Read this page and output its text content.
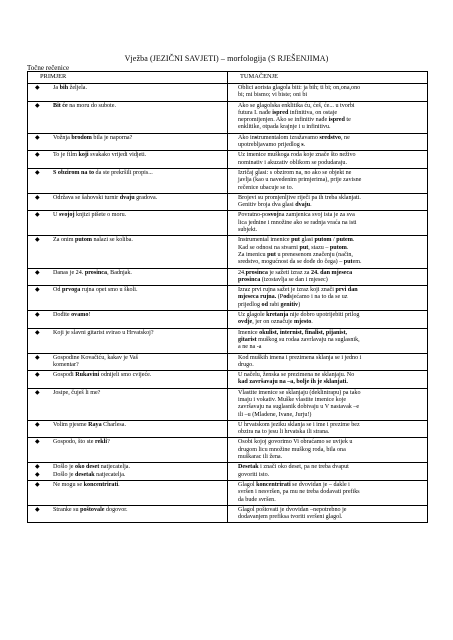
Vježba (JEZIČNI SAVJETI) – morfologija (S RJEŠENJIMA)
Točne rečenice
PRIMJER	TUMAČENJE

◆ Ja bih željela.	Oblici aorista glagola biti: ja bih; ti bi; on,ona,ono
bi; mi bismo; vi biste; oni bi

◆ Bit će na moru do subote.	Ako se glagolska enklitika ću, ćeš, će... u tvorbi
futura I. nađe ispred infinitiva, on ostaje
nepromijenjen. Ako se infinitiv nađe ispred te
enklitike, otpada krajnje i u infinitivu.

◆ Vožnja brodom bila je naporna?	Ako instrumentalom izražavamo sredstvo, ne
upotrebljavamo prijedlog s.

◆ To je film koji svakako vrijedi vidjeti.	Uz imenice muškoga roda koje znače što neživo
nominativ i akuzativ oblikom se podudaraju.

◆ S obzirom na to da ste prekršili propis...	Izričaj glasi: s obzirom na, no ako se objekt ne
javlja (kao u navedenim primjerima), prije zavisne
rečenice ubacuje se to.

◆ Održava se šahovski turnir dvaju gradova.	Brojevi su promjenljive riječi pa ih treba sklanjati.
Genitiv broja dva glasi dvaju.

◆ U svojoj knjizi pišete o moru.	Povratno-posvojna zamjenica svoj ista je za sva
lica jednine i množine ako se radnja vraća na isti
subjekt.

◆ Za onim putom nalazi se koliba.	Instrumental imenice put glasi putom / putem.
Kad se odnosi na stvarni put, stazu – putom.
Za imenicu put u prenesenom značenju (način,
sredstvo, mogućnost da se dođe do čega) – putem.

◆ Danas je 24. prosinca, Badnjak.	24.prosinca je sažeti izraz za 24. dan mjeseca
prosinca (izostavlja se dan i mjesec)

◆ Od prvoga rujna opet smo u školi.	Izraz prvi rujna sažet je izraz koji znači prvi dan
mjeseca rujna. (Podsjećamo i na to da se uz
prijedlog od rabi genitiv)

◆ Dođite ovamo!	Uz glagole kretanja nije dobro upotrijebiti prilog
ovdje, jer on označuje mjesto.

◆ Koji je slavni gitarist svirao u Hrvatskoj?	Imenice okulist, internist, finalist, pijanist,
gitarist muškog su rodaa zavrlavaju na suglasnik,
a ne na -a

◆ Gospodine Kovačiću, kakav je Vaš
komentar?	Kod muških imena i prezimena sklanja se i jedno i
drugo.

◆ Gospođi Rukavini odnijeli smo cvijeće.	U načelu, ženska se prezimena ne sklanjaju. No
kad završavaju na –a, bolje ih je sklanjati.

◆ Josipe, čuješ li me?	Vlastite imenice se sklanjaju (deklinirapu) pa tako
imaju i vokativ. Muške vlastite imenice koje
završavaju na suglasnik dobivaju u V nastavak –e
ili –u (Mladene, Ivane, Jurju!)

◆ Volim pjesme Raya Charlesa.	U hrvatskom jeziku sklanja se i ime i prezime bez
obzira na to jesu li hrvatska ili strana.

◆ Gospodo, što ste rekli?	Osobi kojoj govorimo Vi obraćamo se uvijek u
drugom licu množine muškog roda, bila ona
muškarac ili žena.

◆ Došlo je oko deset natjecatelja.
◆ Došlo je desetak natjecatelja.	Desetak i znači oko deset, pa ne treba dvaput
govoriti isto.

◆ Ne mogu se koncentrirati.	Glagol koncentrirati se dvovidan je – dakle i
svršen i nesvršen, pa mu ne treba dodavati prefiks
da bude svršen.

◆ Stranke su poštovale dogovor.	Glagol poštovati je dvovidan –nepotrebno je
dodavanjem prefiksa tvoriti svršeni glagol.
